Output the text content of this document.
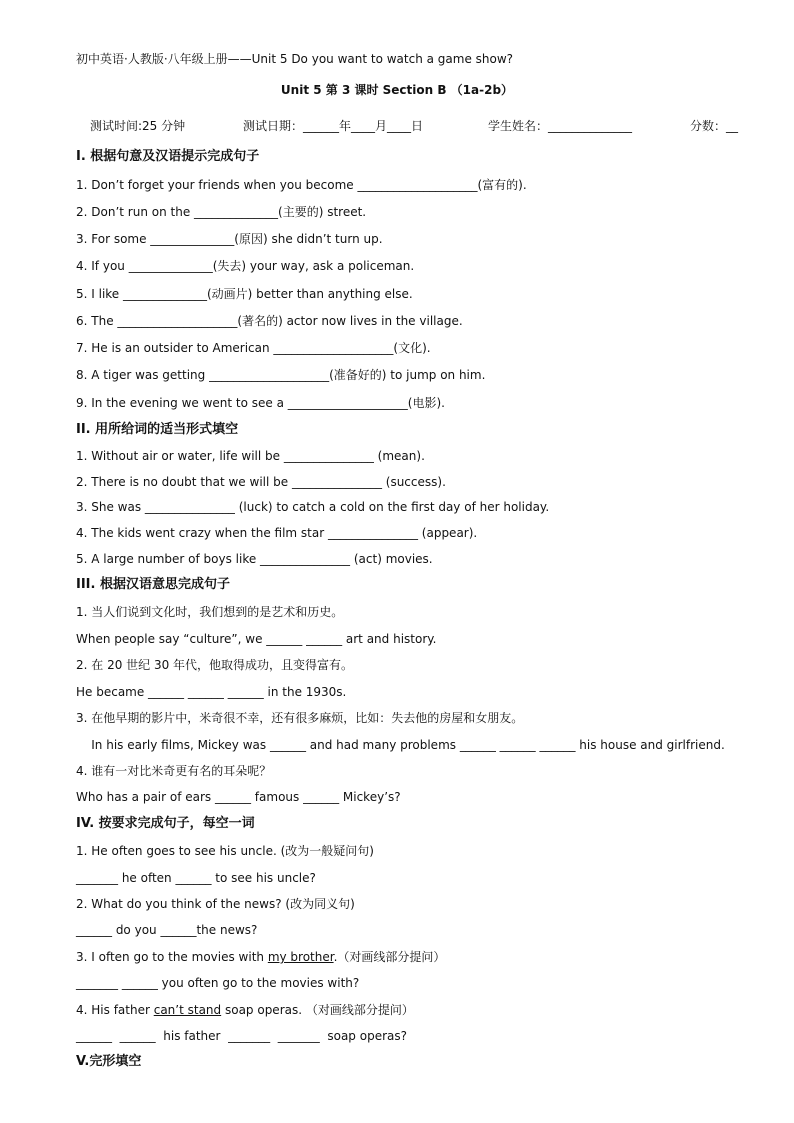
初中英语·人教版·八年级上册——Unit 5 Do you want to watch a game show?
Unit 5 第 3 课时 Section B （1a-2b）
测试时间:25 分钟	测试日期：______年____月____日	学生姓名：______________	分数：__
I. 根据句意及汉语提示完成句子
1. Don’t forget your friends when you become ____________________(富有的).
2. Don’t run on the ______________(主要的) street.
3. For some ______________(原因) she didn’t turn up.
4. If you ______________(失去) your way, ask a policeman.
5. I like ______________(动画片) better than anything else.
6. The ____________________(著名的) actor now lives in the village.
7. He is an outsider to American ____________________(文化).
8. A tiger was getting ____________________(准备好的) to jump on him.
9. In the evening we went to see a ____________________(电影).
II. 用所给词的适当形式填空
1. Without air or water, life will be _______________ (mean).
2. There is no doubt that we will be _______________ (success).
3. She was _______________ (luck) to catch a cold on the first day of her holiday.
4. The kids went crazy when the film star _______________ (appear).
5. A large number of boys like _______________ (act) movies.
III. 根据汉语意思完成句子
1. 当人们说到文化时，我们想到的是艺术和历史。
When people say “culture”, we ______ ______ art and history.
2. 在 20 世纪 30 年代，他取得成功，且变得富有。
He became ______ ______ ______ in the 1930s.
3. 在他早期的影片中，米奇很不幸，还有很多麻烦，比如：失去他的房屋和女朋友。
In his early films, Mickey was ______ and had many problems ______ ______ ______ his house and girlfriend.
4. 谁有一对比米奇更有名的耳朵呢？
Who has a pair of ears ______ famous ______ Mickey’s?
IV. 按要求完成句子，每空一词
1. He often goes to see his uncle. (改为一般疑问句)
_______ he often ______ to see his uncle?
2. What do you think of the news? (改为同义句)
______ do you ______the news?
3. I often go to the movies with my brother.（对画线部分提问）
_______ ______ you often go to the movies with?
4. His father can’t stand soap operas. （对画线部分提问）
______  ______  his father  _______  _______  soap operas?
V.完形填空
